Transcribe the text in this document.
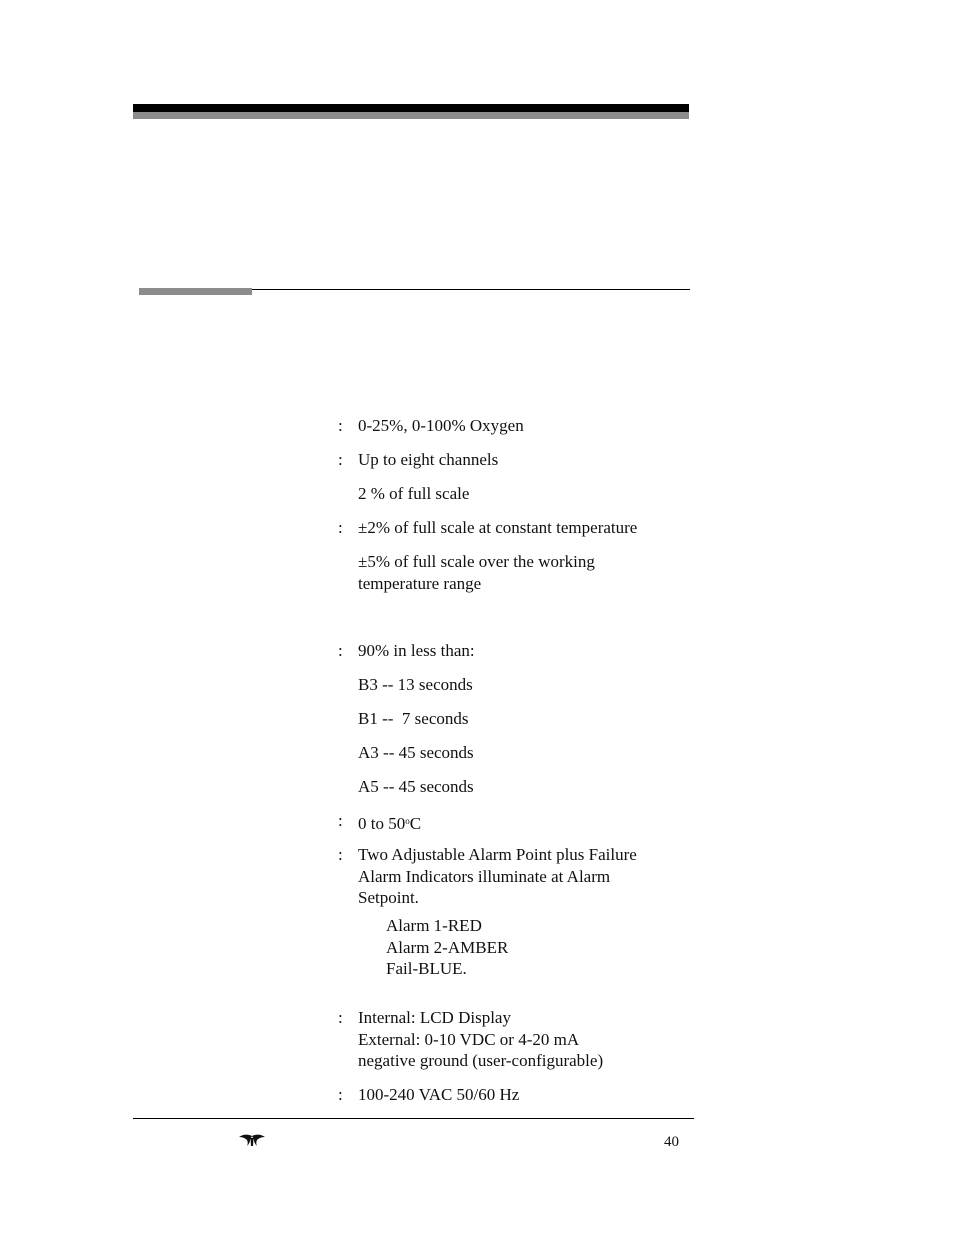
: 0-25%, 0-100% Oxygen
: Up to eight channels
2 % of full scale
: ±2% of full scale at constant temperature
±5% of full scale over the working
temperature range
: 90% in less than:
B3 -- 13 seconds
B1 --  7 seconds
A3 -- 45 seconds
A5 -- 45 seconds
: 0 to 50$^o$C
: Two Adjustable Alarm Point plus Failure
Alarm Indicators illuminate at Alarm
Setpoint.
Alarm 1-RED
Alarm 2-AMBER
Fail-BLUE.
: Internal: LCD Display
External: 0-10 VDC or 4-20 mA
negative ground (user-configurable)
: 100-240 VAC 50/60 Hz
40
